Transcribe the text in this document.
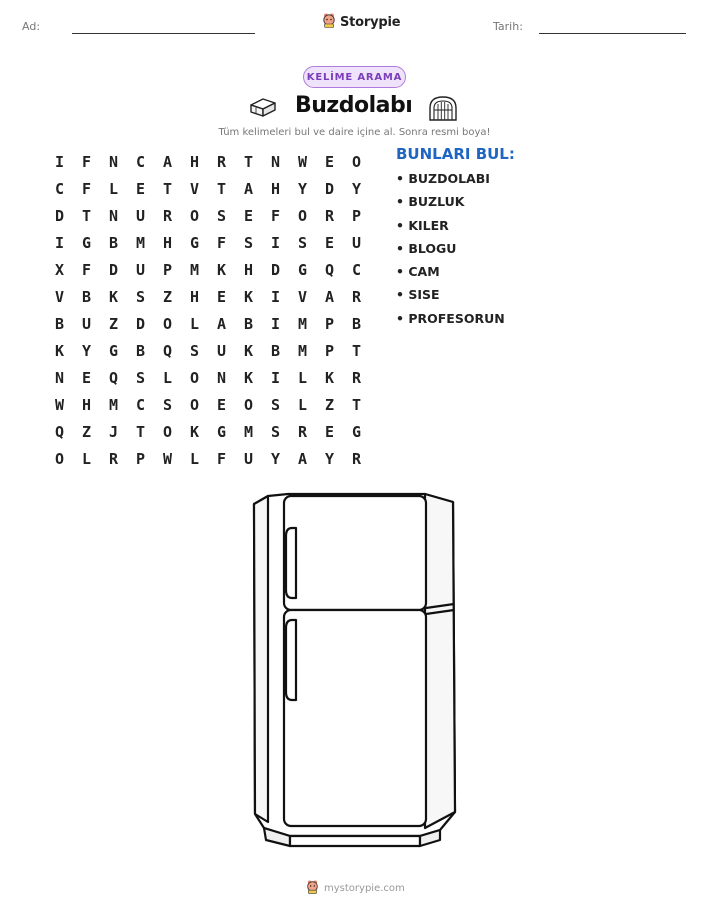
Ad:	Storypie	Tarih:
KELİME ARAMA
Buzdolabı
Tüm kelimeleri bul ve daire içine al. Sonra resmi boya!
I	F	N	C	A	H	R	T	N	W	E	O
C	F	L	E	T	V	T	A	H	Y	D	Y
D	T	N	U	R	O	S	E	F	O	R	P
I	G	B	M	H	G	F	S	I	S	E	U
X	F	D	U	P	M	K	H	D	G	Q	C
V	B	K	S	Z	H	E	K	I	V	A	R
B	U	Z	D	O	L	A	B	I	M	P	B
K	Y	G	B	Q	S	U	K	B	M	P	T
N	E	Q	S	L	O	N	K	I	L	K	R
W	H	M	C	S	O	E	O	S	L	Z	T
Q	Z	J	T	O	K	G	M	S	R	E	G
O	L	R	P	W	L	F	U	Y	A	Y	R
BUNLARI BUL:
• BUZDOLABI
• BUZLUK
• KILER
• BLOGU
• CAM
• SISE
• PROFESORUN
mystorypie.com
